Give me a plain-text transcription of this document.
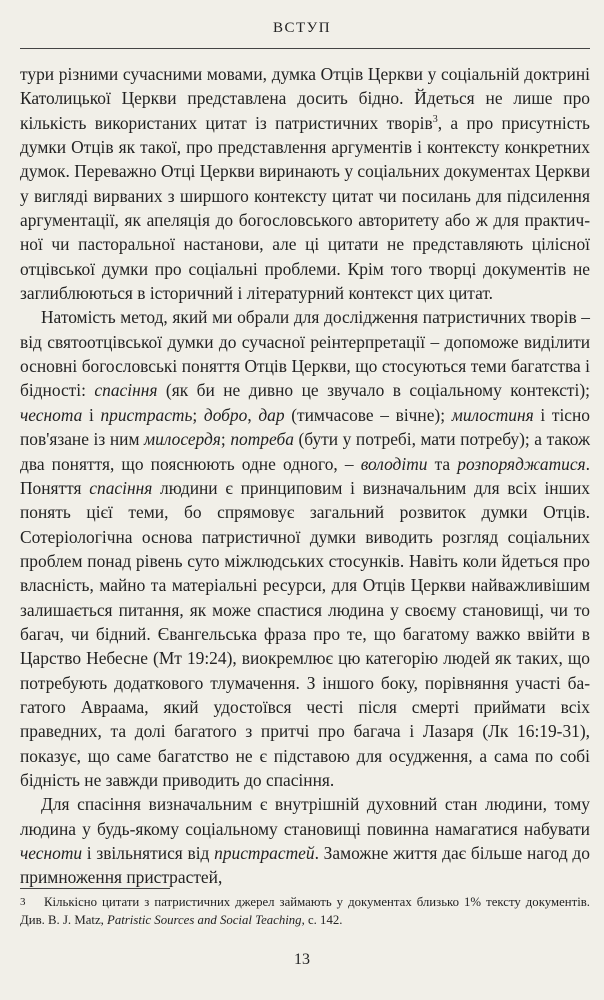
ВСТУП

тури різними сучасними мовами, думка Отців Церкви у соціальній доктрині Католицької Церкви представлена досить бідно. Йдеться не лише про кількість використаних цитат із патристичних творів$^3$, а про присутність думки Отців як такої, про представлення аргументів і контексту конкретних думок. Переважно Отці Церкви виринають у соціальних документах Церкви у вигляді вирваних з ширшого контексту цитат чи посилань для підсилення аргументації, як апеляція до богословського авторитету або ж для практичної чи пасторальної настанови, але ці цитати не представляють цілісної отцівської думки про соціальні проблеми. Крім того творці документів не заглиблюються в історичний і літературний контекст цих цитат.

Натомість метод, який ми обрали для дослідження патристичних творів – від святоотцівської думки до сучасної реінтерпретації – допоможе виділити основні богословські поняття Отців Церкви, що стосуються теми багатства і бідності: спасіння (як би не дивно це звучало в соціальному контексті); чеснота і пристрасть; добро, дар (тимчасове – вічне); милостиня і тісно пов'язане із ним милосердя; потреба (бути у потребі, мати потребу); а також два поняття, що пояснюють одне одного, – володіти та розпоряджатися. Поняття спасіння людини є принциповим і визначальним для всіх інших понять цієї теми, бо спрямовує загальний розвиток думки Отців. Сотеріологічна основа патристичної думки виводить розгляд соціальних проблем понад рівень суто міжлюдських стосунків. Навіть коли йдеться про власність, майно та матеріальні ресурси, для Отців Церкви найважливішим залишається питання, як може спастися людина у своєму становищі, чи то багач, чи бідний. Євангельська фраза про те, що багатому важко ввійти в Царство Небесне (Мт 19:24), виокремлює цю категорію людей як таких, що потребують додаткового тлумачення. З іншого боку, порівняння участі багатого Авраама, який удостоївся честі після смерті приймати всіх праведних, та долі багатого з притчі про багача і Лазаря (Лк 16:19-31), показує, що саме багатство не є підставою для осудження, а сама по собі бідність не завжди приводить до спасіння.

Для спасіння визначальним є внутрішній духовний стан людини, тому людина у будь-якому соціальному становищі повинна намагатися набувати чесноти і звільнятися від пристрастей. Заможне життя дає більше нагод до примноження пристрастей,

3 Кількісно цитати з патристичних джерел займають у документах близько 1% тексту документів. Див. B. J. Matz, Patristic Sources and Social Teaching, с. 142.
13
